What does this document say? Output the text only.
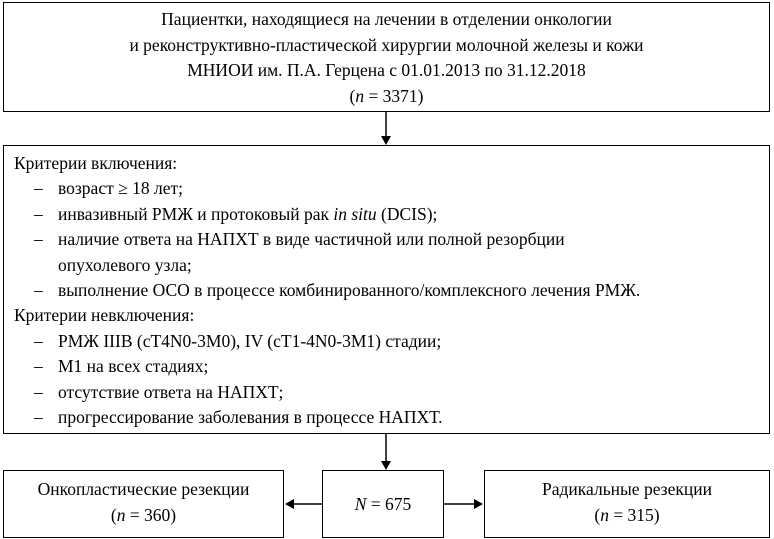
Пациентки, находящиеся на лечении в отделении онкологии
и реконструктивно-пластической хирургии молочной железы и кожи
МНИОИ им. П.А. Герцена с 01.01.2013 по 31.12.2018
(n = 3371)
Критерии включения:
– возраст ≥ 18 лет;
– инвазивный РМЖ и протоковый рак in situ (DCIS);
– наличие ответа на НАПХТ в виде частичной или полной резорбции
опухолевого узла;
– выполнение ОСО в процессе комбинированного/комплексного лечения РМЖ.
Критерии невключения:
– РМЖ IIIB (cT4N0-3M0), IV (cT1-4N0-3M1) стадии;
– М1 на всех стадиях;
– отсутствие ответа на НАПХТ;
– прогрессирование заболевания в процессе НАПХТ.
Онкопластические резекции
(n = 360)
N = 675
Радикальные резекции
(n = 315)
